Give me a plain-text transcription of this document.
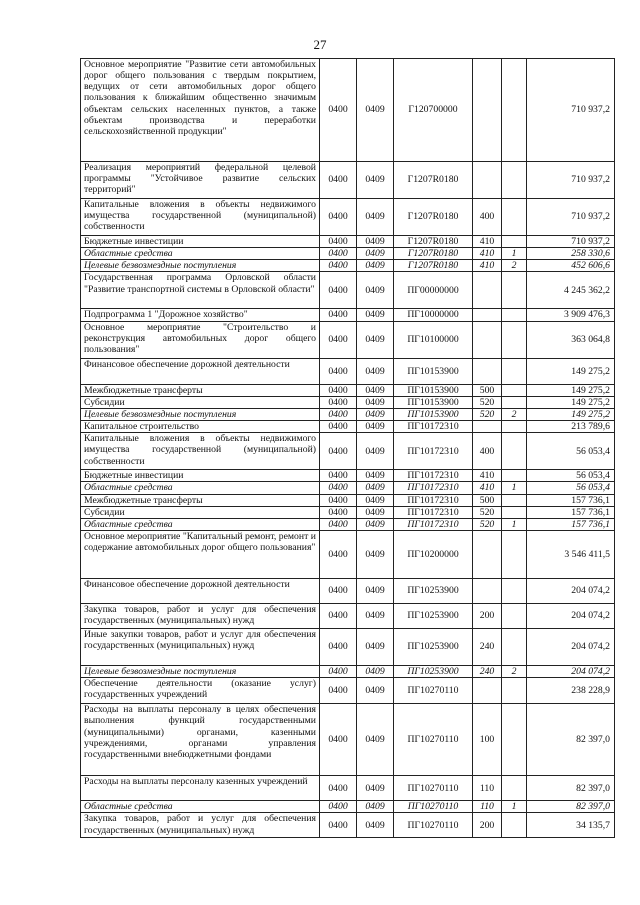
27
Основное мероприятие "Развитие сети автомобильных дорог общего пользования с твердым покрытием, ведущих от сети автомобильных дорог общего пользования к ближайшим общественно значимым объектам сельских населенных пунктов, а также объектам производства и переработки сельскохозяйственной продукции"	0400	0409	Г120700000			710 937,2
Реализация мероприятий федеральной целевой программы "Устойчивое развитие сельских территорий"	0400	0409	Г1207R0180			710 937,2
Капитальные вложения в объекты недвижимого имущества государственной (муниципальной) собственности	0400	0409	Г1207R0180	400		710 937,2
Бюджетные инвестиции	0400	0409	Г1207R0180	410		710 937,2
Областные средства	0400	0409	Г1207R0180	410	1	258 330,6
Целевые безвозмездные поступления	0400	0409	Г1207R0180	410	2	452 606,6
Государственная программа Орловской области "Развитие транспортной системы в Орловской области"	0400	0409	ПГ00000000			4 245 362,2
Подпрограмма 1 "Дорожное хозяйство"	0400	0409	ПГ10000000			3 909 476,3
Основное мероприятие "Строительство и реконструкция автомобильных дорог общего пользования"	0400	0409	ПГ10100000			363 064,8
Финансовое обеспечение дорожной деятельности	0400	0409	ПГ10153900			149 275,2
Межбюджетные трансферты	0400	0409	ПГ10153900	500		149 275,2
Субсидии	0400	0409	ПГ10153900	520		149 275,2
Целевые безвозмездные поступления	0400	0409	ПГ10153900	520	2	149 275,2
Капитальное строительство	0400	0409	ПГ10172310			213 789,6
Капитальные вложения в объекты недвижимого имущества государственной (муниципальной) собственности	0400	0409	ПГ10172310	400		56 053,4
Бюджетные инвестиции	0400	0409	ПГ10172310	410		56 053,4
Областные средства	0400	0409	ПГ10172310	410	1	56 053,4
Межбюджетные трансферты	0400	0409	ПГ10172310	500		157 736,1
Субсидии	0400	0409	ПГ10172310	520		157 736,1
Областные средства	0400	0409	ПГ10172310	520	1	157 736,1
Основное мероприятие "Капитальный ремонт, ремонт и содержание автомобильных дорог общего пользования"	0400	0409	ПГ10200000			3 546 411,5
Финансовое обеспечение дорожной деятельности	0400	0409	ПГ10253900			204 074,2
Закупка товаров, работ и услуг для обеспечения государственных (муниципальных) нужд	0400	0409	ПГ10253900	200		204 074,2
Иные закупки товаров, работ и услуг для обеспечения государственных (муниципальных) нужд	0400	0409	ПГ10253900	240		204 074,2
Целевые безвозмездные поступления	0400	0409	ПГ10253900	240	2	204 074,2
Обеспечение деятельности (оказание услуг) государственных учреждений	0400	0409	ПГ10270110			238 228,9
Расходы на выплаты персоналу в целях обеспечения выполнения функций государственными (муниципальными) органами, казенными учреждениями, органами управления государственными внебюджетными фондами	0400	0409	ПГ10270110	100		82 397,0
Расходы на выплаты персоналу казенных учреждений	0400	0409	ПГ10270110	110		82 397,0
Областные средства	0400	0409	ПГ10270110	110	1	82 397,0
Закупка товаров, работ и услуг для обеспечения государственных (муниципальных) нужд	0400	0409	ПГ10270110	200		34 135,7
